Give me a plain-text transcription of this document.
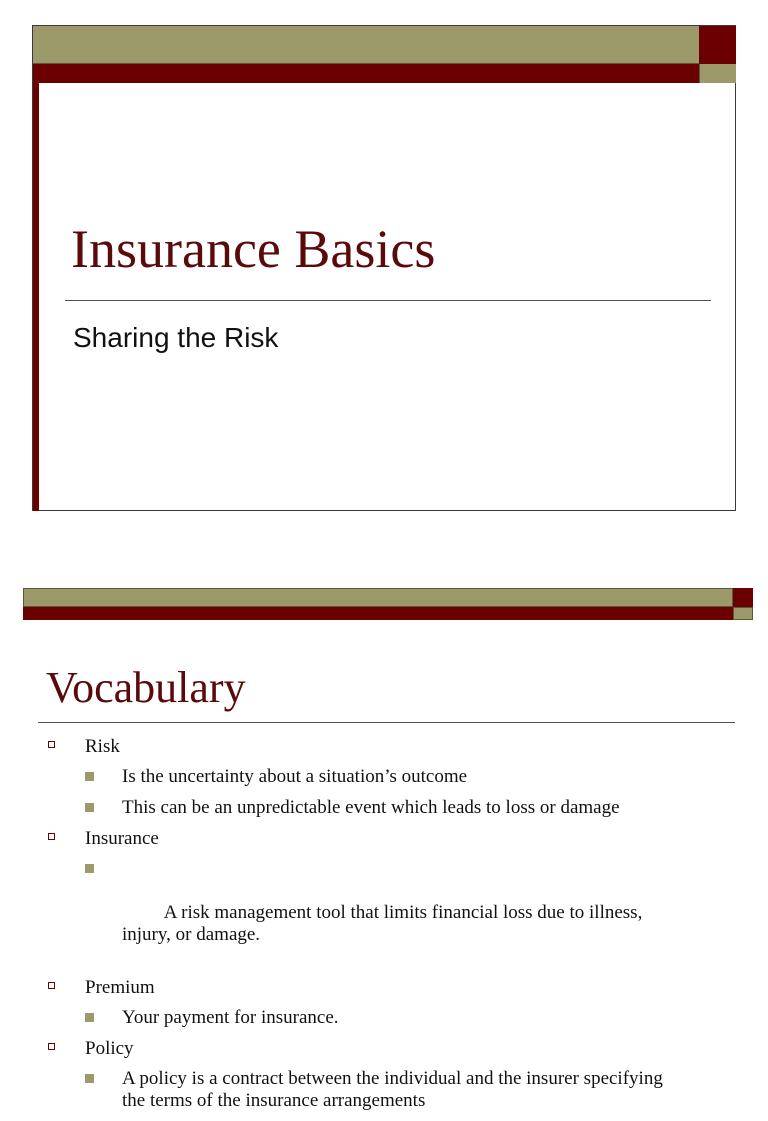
Insurance Basics

Sharing the Risk

Vocabulary
Risk
Is the uncertainty about a situation’s outcome
This can be an unpredictable event which leads to loss or damage
Insurance

A risk management tool that limits financial loss due to illness, injury, or damage.

Premium
Your payment for insurance.
Policy
A policy is a contract between the individual and the insurer specifying the terms of the insurance arrangements
